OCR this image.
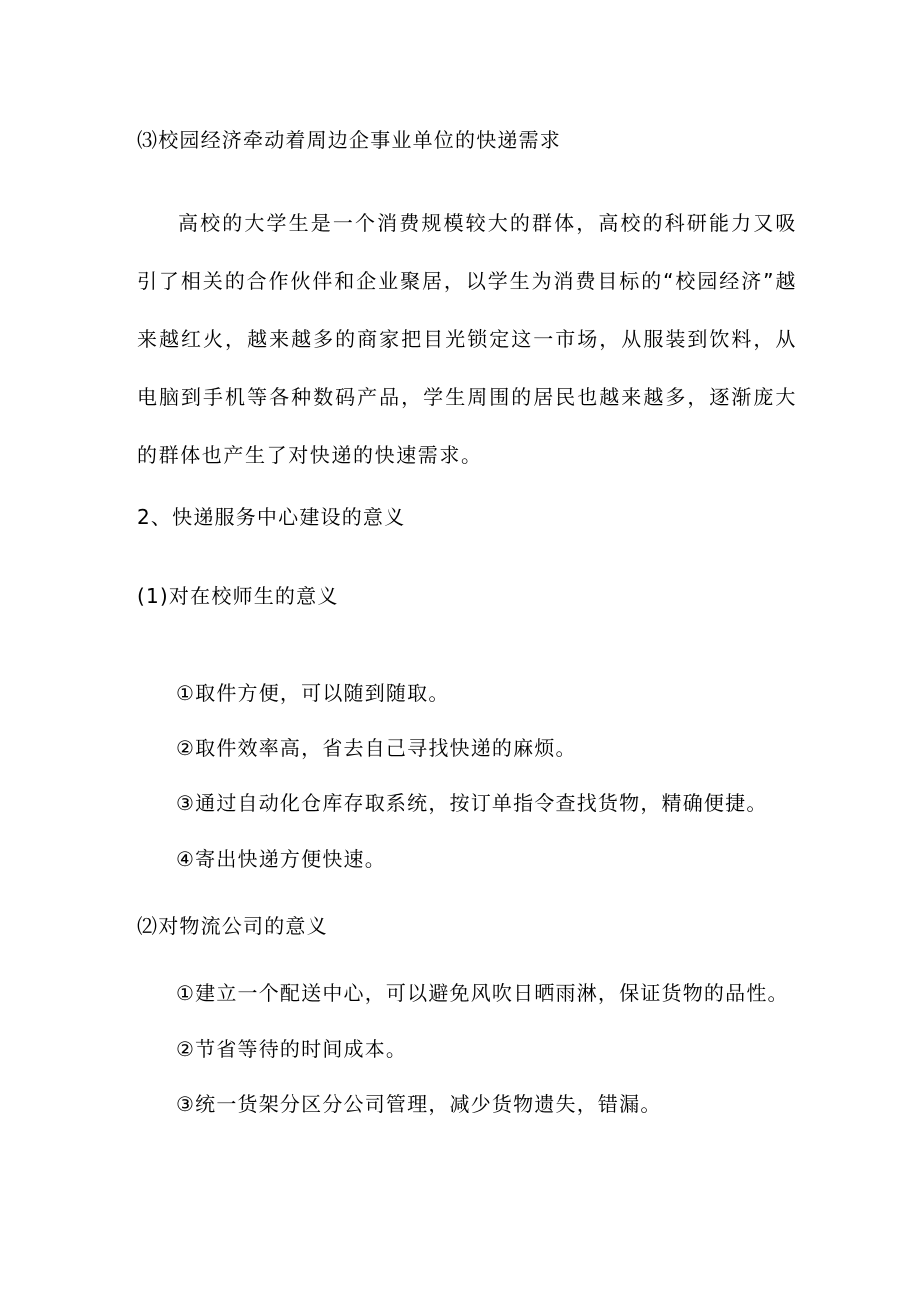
⑶校园经济牵动着周边企事业单位的快递需求
高校的大学生是一个消费规模较大的群体，高校的科研能力又吸引了相关的合作伙伴和企业聚居，以学生为消费目标的“校园经济”越来越红火，越来越多的商家把目光锁定这一市场，从服装到饮料，从电脑到手机等各种数码产品，学生周围的居民也越来越多，逐渐庞大的群体也产生了对快递的快速需求。
2、快递服务中心建设的意义
(1)对在校师生的意义
①取件方便，可以随到随取。
②取件效率高，省去自己寻找快递的麻烦。
③通过自动化仓库存取系统，按订单指令查找货物，精确便捷。
④寄出快递方便快速。
⑵对物流公司的意义
①建立一个配送中心，可以避免风吹日晒雨淋，保证货物的品性。
②节省等待的时间成本。
③统一货架分区分公司管理，减少货物遗失，错漏。
